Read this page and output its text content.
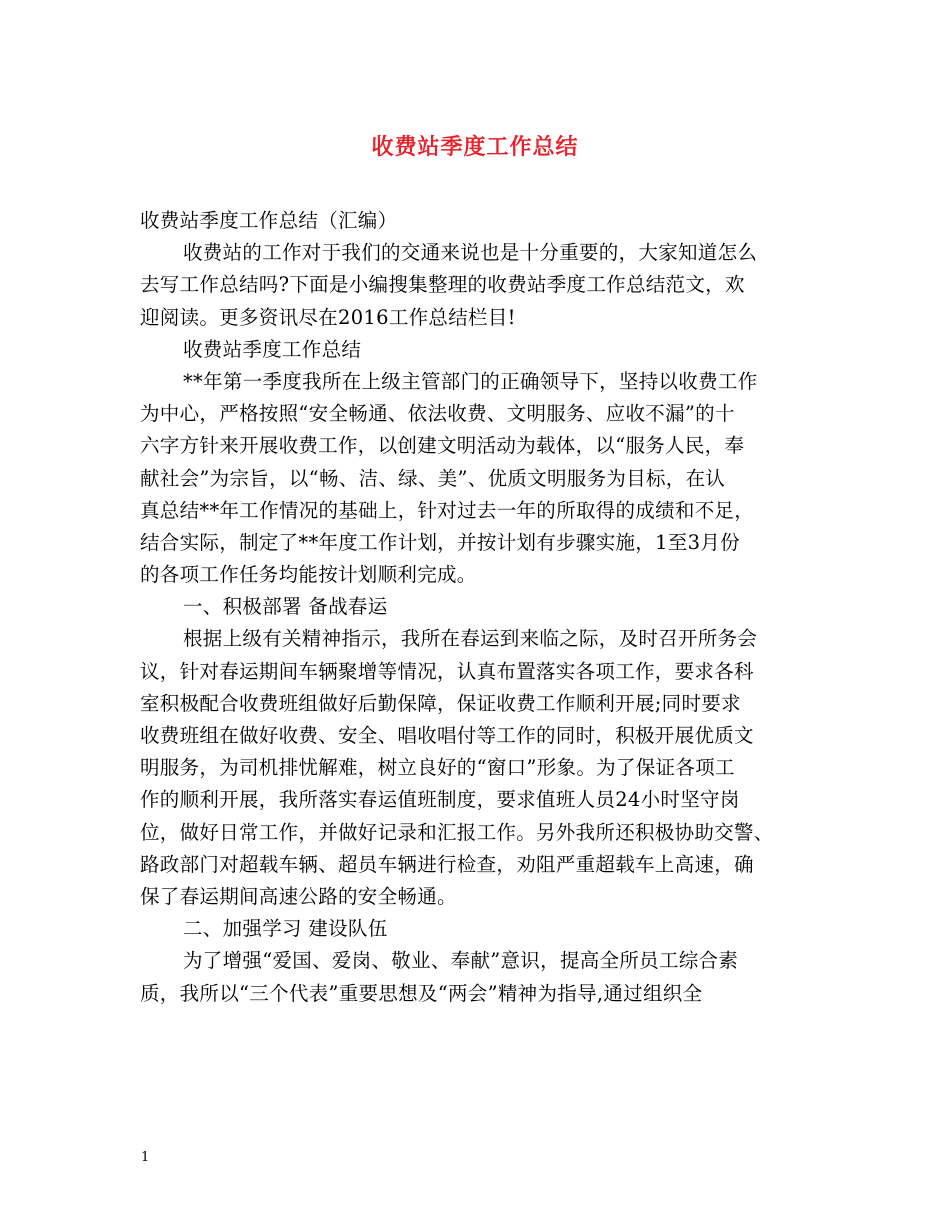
收费站季度工作总结
收费站季度工作总结（汇编）
收费站的工作对于我们的交通来说也是十分重要的，大家知道怎么
去写工作总结吗?下面是小编搜集整理的收费站季度工作总结范文，欢
迎阅读。更多资讯尽在2016工作总结栏目!
收费站季度工作总结
**年第一季度我所在上级主管部门的正确领导下，坚持以收费工作
为中心，严格按照“安全畅通、依法收费、文明服务、应收不漏”的十
六字方针来开展收费工作，以创建文明活动为载体，以“服务人民，奉
献社会”为宗旨，以“畅、洁、绿、美”、优质文明服务为目标，在认
真总结**年工作情况的基础上，针对过去一年的所取得的成绩和不足，
结合实际，制定了**年度工作计划，并按计划有步骤实施，1至3月份
的各项工作任务均能按计划顺利完成。
一、积极部署 备战春运
根据上级有关精神指示，我所在春运到来临之际，及时召开所务会
议，针对春运期间车辆聚增等情况，认真布置落实各项工作，要求各科
室积极配合收费班组做好后勤保障，保证收费工作顺利开展;同时要求
收费班组在做好收费、安全、唱收唱付等工作的同时，积极开展优质文
明服务，为司机排忧解难，树立良好的“窗口”形象。为了保证各项工
作的顺利开展，我所落实春运值班制度，要求值班人员24小时坚守岗
位，做好日常工作，并做好记录和汇报工作。另外我所还积极协助交警、
路政部门对超载车辆、超员车辆进行检查，劝阻严重超载车上高速，确
保了春运期间高速公路的安全畅通。
二、加强学习 建设队伍
为了增强“爱国、爱岗、敬业、奉献”意识，提高全所员工综合素
质，我所以“三个代表”重要思想及“两会”精神为指导,通过组织全
1
